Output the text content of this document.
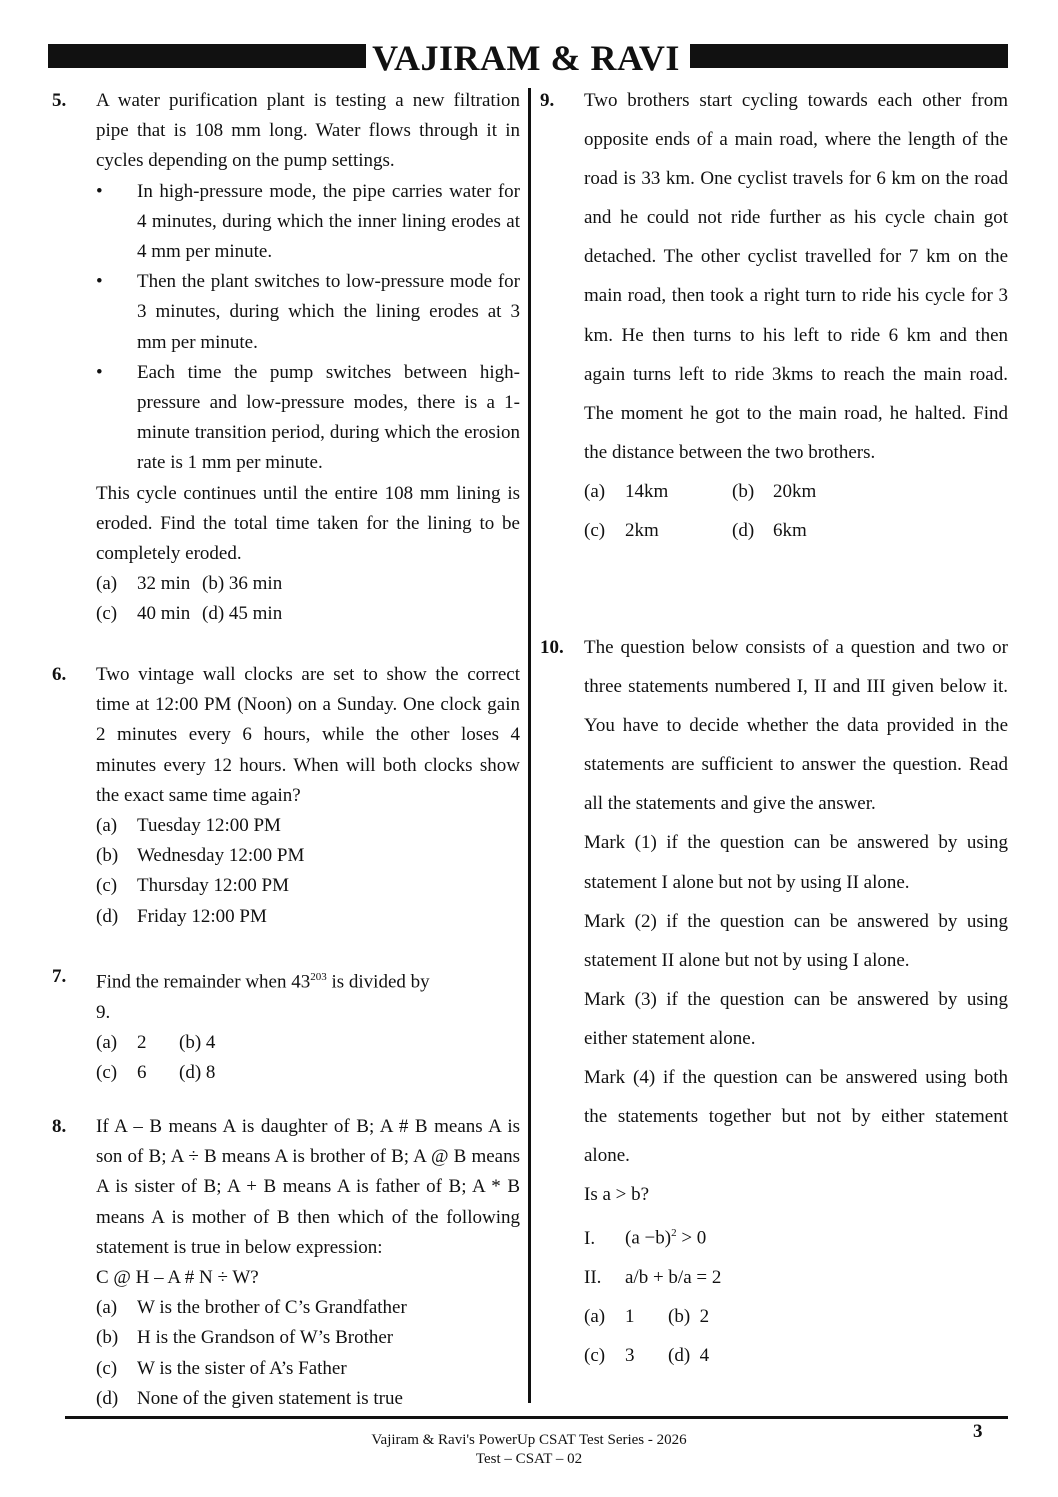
VAJIRAM & RAVI
5. A water purification plant is testing a new filtration pipe that is 108 mm long. Water flows through it in cycles depending on the pump settings.
• In high-pressure mode, the pipe carries water for 4 minutes, during which the inner lining erodes at 4 mm per minute.
• Then the plant switches to low-pressure mode for 3 minutes, during which the lining erodes at 3 mm per minute.
• Each time the pump switches between high-pressure and low-pressure modes, there is a 1-minute transition period, during which the erosion rate is 1 mm per minute.
This cycle continues until the entire 108 mm lining is eroded. Find the total time taken for the lining to be completely eroded.
(a) 32 min (b) 36 min
(c) 40 min (d) 45 min
6. Two vintage wall clocks are set to show the correct time at 12:00 PM (Noon) on a Sunday. One clock gain 2 minutes every 6 hours, while the other loses 4 minutes every 12 hours. When will both clocks show the exact same time again?
(a) Tuesday 12:00 PM
(b) Wednesday 12:00 PM
(c) Thursday 12:00 PM
(d) Friday 12:00 PM
7. Find the remainder when $43^{203}$ is divided by
9.
(a) 2	(b) 4
(c) 6	(d) 8
8. If A – B means A is daughter of B; A # B means A is son of B; A ÷ B means A is brother of B; A @ B means A is sister of B; A + B means A is father of B; A * B means A is mother of B then which of the following statement is true in below expression:
C @ H – A # N ÷ W?
(a) W is the brother of C’s Grandfather
(b) H is the Grandson of W’s Brother
(c) W is the sister of A’s Father
(d) None of the given statement is true
9. Two brothers start cycling towards each other from opposite ends of a main road, where the length of the road is 33 km. One cyclist travels for 6 km on the road and he could not ride further as his cycle chain got detached. The other cyclist travelled for 7 km on the main road, then took a right turn to ride his cycle for 3 km. He then turns to his left to ride 6 km and then again turns left to ride 3kms to reach the main road. The moment he got to the main road, he halted. Find the distance between the two brothers.
(a) 14km	(b) 20km
(c) 2km	(d) 6km
10. The question below consists of a question and two or three statements numbered I, II and III given below it. You have to decide whether the data provided in the statements are sufficient to answer the question. Read all the statements and give the answer.
Mark (1) if the question can be answered by using statement I alone but not by using II alone.
Mark (2) if the question can be answered by using statement II alone but not by using I alone.
Mark (3) if the question can be answered by using either statement alone.
Mark (4) if the question can be answered using both the statements together but not by either statement alone.
Is a > b?
I. $(a -b)^2 > 0$
II. a/b + b/a = 2
(a) 1	(b) 2
(c) 3	(d) 4
Vajiram & Ravi's PowerUp CSAT Test Series - 2026
Test – CSAT – 02
3
